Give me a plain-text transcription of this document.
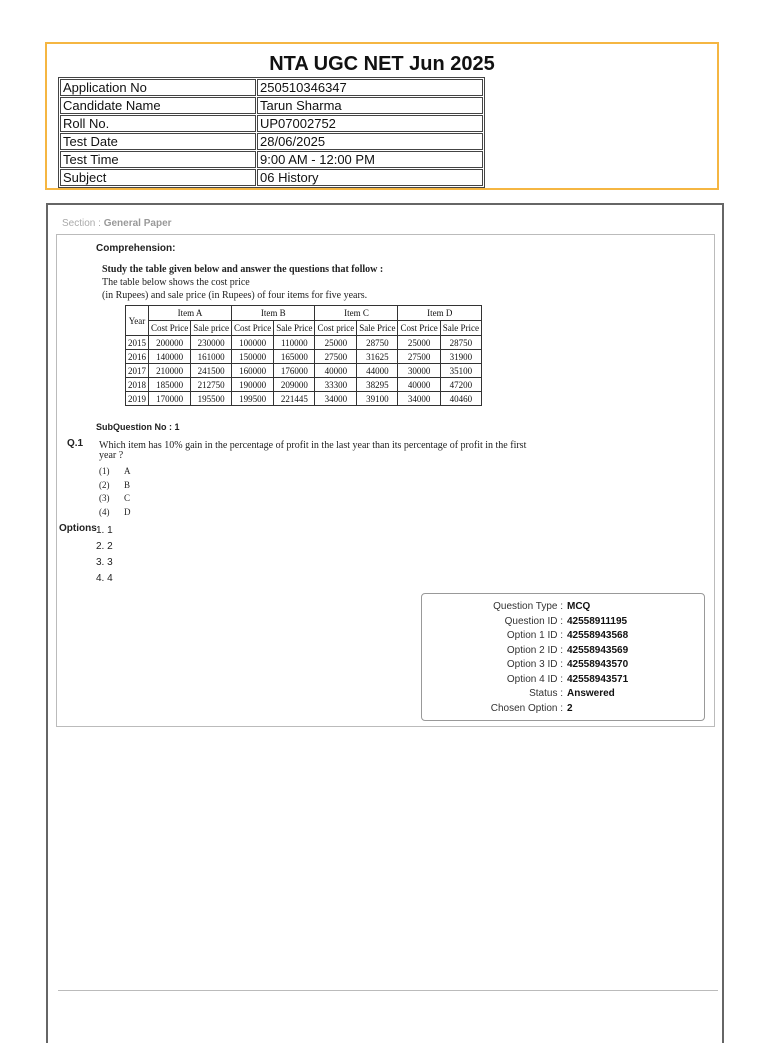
NTA UGC NET Jun 2025
Application No	250510346347
Candidate Name	Tarun Sharma
Roll No.	UP07002752
Test Date	28/06/2025
Test Time	9:00 AM - 12:00 PM
Subject	06 History
Section : General Paper
Comprehension:
Study the table given below and answer the questions that follow :
The table below shows the cost price
(in Rupees) and sale price (in Rupees) of four items for five years.
Year	Item A		Item B		Item C		Item D	
	Cost Price	Sale price	Cost Price	Sale Price	Cost price	Sale Price	Cost Price	Sale Price
2015	200000	230000	100000	110000	25000	28750	25000	28750
2016	140000	161000	150000	165000	27500	31625	27500	31900
2017	210000	241500	160000	176000	40000	44000	30000	35100
2018	185000	212750	190000	209000	33300	38295	40000	47200
2019	170000	195500	199500	221445	34000	39100	34000	40460
SubQuestion No : 1
Q.1 Which item has 10% gain in the percentage of profit in the last year than its percentage of profit in the first year ?
(1) A
(2) B
(3) C
(4) D
Options 1. 1
2. 2
3. 3
4. 4
Question Type : MCQ
Question ID : 42558911195
Option 1 ID : 42558943568
Option 2 ID : 42558943569
Option 3 ID : 42558943570
Option 4 ID : 42558943571
Status : Answered
Chosen Option : 2
